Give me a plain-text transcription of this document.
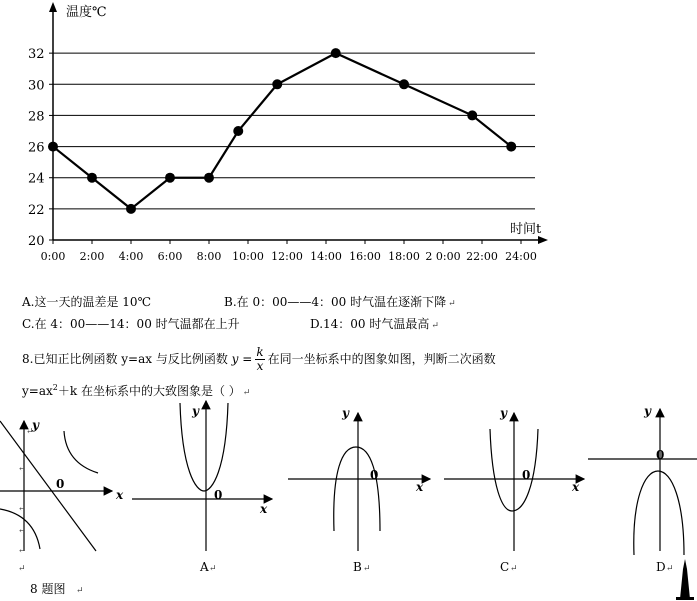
温度℃
时间t
20
22
24
26
28
30
32
0:00 2:00 4:00 6:00 8:00 10:00 12:00 14:00 16:00 18:00 2 0:00 22:00 24:00
A.这一天的温差是 10℃	B.在 0：00——4：00 时气温在逐渐下降 ↵
C.在 4：00——14：00 时气温都在上升	D.14：00 时气温最高 ↵
8.已知正比例函数 y=ax 与反比例函数 $y = \frac{k}{x}$ 在同一坐标系中的图象如图，判断二次函数
$y=ax^2+k$ 在坐标系中的大致图象是（ ） ↵
y
x
0
↵
↵
↵
↵
↵
↵
8 题图 ↵
y
x
0
A ↵
y
x
0
B ↵
y
x
0
C ↵
y
0
D ↵
